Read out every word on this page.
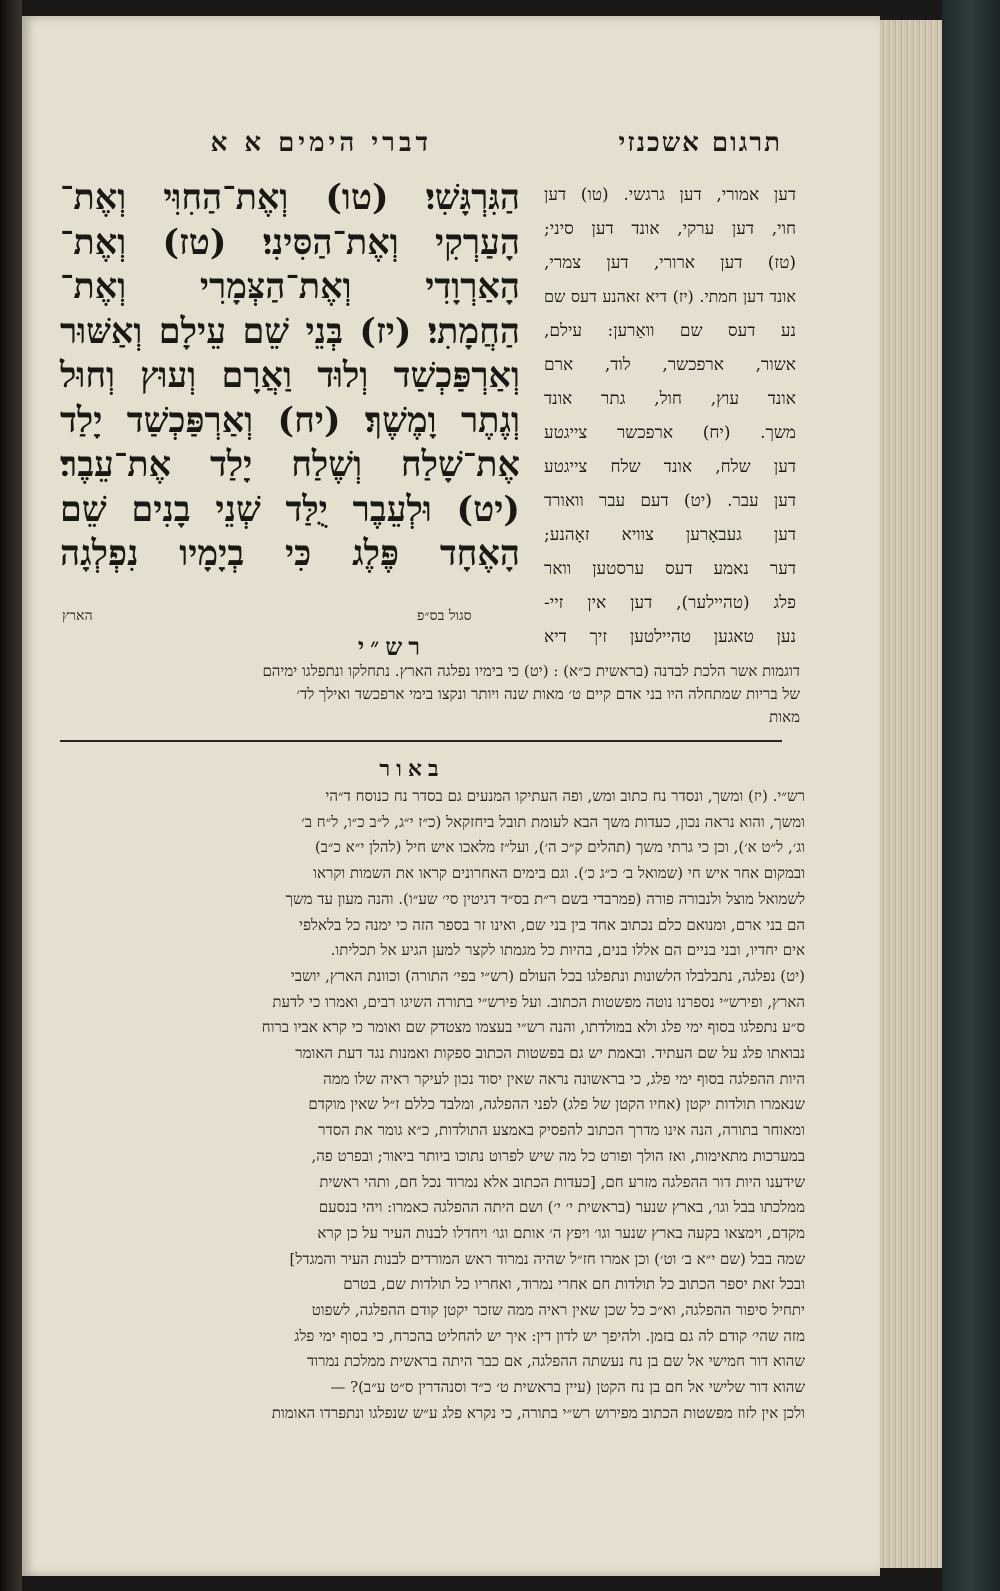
תרגום אשכנזי
דברי הימים א א

הַגִּרְגָּשִׁי׃ (טו) וְאֶת־הַחִוִּי וְאֶת־

הָעַרְקִי וְאֶת־הַסִּינִי׃ (טז) וְאֶת־

הָאַרְוָדִי וְאֶת־הַצְּמָרִי וְאֶת־

הַחֲמָתִי׃ (יז) בְּנֵי שֵׁם עֵילָם וְאַשּׁוּר

וְאַרְפַּכְשַׁד וְלוּד וַאֲרָם וְעוּץ וְחוּל

וְגֶתֶר וָמֶשֶׁךְ׃ (יח) וְאַרְפַּכְשַׁד יָלַד

אֶת־שָׁלַח וְשֶׁלַח יָלַד אֶת־עֵבֶר׃

(יט) וּלְעֵבֶר יֻלַּד שְׁנֵי בָנִים שֵׁם

הָאֶחָד פֶּלֶג כִּי בְיָמָיו נִפְלְגָה

דען אמורי, דען גרגשי. (טו) דען

חוי, דען ערקי, אונד דען סיני;

(טז) דען ארורי, דען צמרי,

אונד דען חמתי. (יז) דיא זאהנע דעס שם

נע דעס שם וואַרען: עילם,

אשור, ארפכשר, לוד, ארם

אונד עוץ, חול, גתר אונד

משך. (יח) ארפכשר צייגטע

דען שלח, אונד שלח צייגטע

דען עבר. (יט) דעם עבר וואורד

דען געבאָרען צוויא זאָהנע;

דער נאמע דעס ערסטען וואר

פלג (טהיילער), דען אין זיי-

נען טאגען טהיילטען זיך דיא

הארץ	סגול בס״פ
רש״י

דוגמות אשר הלכת לבדנה (בראשית כ״א) : (יט) כי בימיו נפלגה הארץ. נתחלקו ונתפלגו ימיהם

של בריות שמתחלה היו בני אדם קיים ט׳ מאות שנה ויותר ונקצו בימי ארפכשד ואילך לד׳

מאות

באור

רש״י. (יז) ומשך, ונסדר נח כתוב ומש, ופה העתיקו המנעים גם בסדר נח כנוסח ד״הי

ומשך, והוא נראה נכון, כעדות משך הבא לעומת תובל ביחזקאל (כ״ז י״ג, ל״ב כ״ו, ל״ח ב׳

וג׳, ל״ט א׳), וכן כי גרתי משך (תהלים ק״כ ה׳), ועל״ז מלאכו איש חיל (להלן י״א כ״ב)

ובמקום אחר איש חי (שמואל ב׳ כ״ג כ׳). וגם בימים האחרונים קראו את השמות וקראו

לשמואל מוצל ולנבורה פורה (פמרבדי בשם ר״ת בס״ד דגיטין סי׳ שע״ו). והנה מעון עד משך

הם בני ארם, ומנואם כלם נכתוב אחד בין בני שם, ואינו זר בספר הזה כי ימנה כל בלאלפי

אים יחדיו, ובני בניים הם אללו בנים, בהיות כל מגמתו לקצר למען הגיע אל תכליתו.

(יט) נפלגה, נתבלבלו הלשונות ונתפלגו בכל העולם (רש״י בפי׳ התורה) וכוונת הארץ, יושבי

הארץ, ופירש״י נספרנו נוטה מפשטות הכתוב. ועל פירש״י בתורה השיגו רבים, ואמרו כי לדעת

ס״ע נתפלגו בסוף ימי פלג ולא במולדתו, והנה רש״י בעצמו מצטדק שם ואומר כי קרא אביו ברוח

נבואתו פלג על שם העתיד. ובאמת יש גם בפשטות הכתוב ספקות ואמנות נגד דעת האומר

היות ההפלגה בסוף ימי פלג, כי בראשונה נראה שאין יסוד נכון לעיקר ראיה שלו ממה

שנאמרו תולדות יקטן (אחיו הקטן של פלג) לפני ההפלגה, ומלבד כללם ז״ל שאין מוקדם

ומאוחר בתורה, הנה אינו מדרך הכתוב להפסיק באמצע התולדות, כ״א גומר את הסדר

במערכות מתאימות, ואז הולך ופורט כל מה שיש לפרוט נתוכו ביותר ביאור; ובפרט פה,

שידענו היות דור ההפלגה מזרע חם, [כעדות הכתוב אלא נמרוד נכל חם, ותהי ראשית

ממלכתו בבל וגו׳, בארץ שנער (בראשית י׳ י׳) ושם היתה ההפלגה כאמרו: ויהי בנסעם

מקדם, וימצאו בקעה בארץ שנער וגו׳ ויפץ ה׳ אותם וגו׳ ויחדלו לבנות העיר על כן קרא

שמה בבל (שם י״א ב׳ וט׳) וכן אמרו חז״ל שהיה נמרוד ראש המורדים לבנות העיר והמגדל]

ובכל זאת יספר הכתוב כל תולדות חם אחרי נמרוד, ואחריו כל תולדות שם, בטרם

יתחיל סיפור ההפלגה, וא״כ כל שכן שאין ראיה ממה שזכר יקטן קודם ההפלגה, לשפוט

מזה שהי׳ קודם לה גם בזמן. ולהיפך יש לדון דין: איך יש להחליט בהכרח, כי בסוף ימי פלג

שהוא דור חמישי אל שם בן נח נעשתה ההפלגה, אם כבר היתה בראשית ממלכת נמרוד

שהוא דור שלישי אל חם בן נח הקטן (עיין בראשית ט׳ כ״ד וסנהדרין ס״ט ע״ב)? —

ולכן אין לזוז מפשטות הכתוב מפירוש רש״י בתורה, כי נקרא פלג ע״ש שנפלגו ונתפרדו האומות
